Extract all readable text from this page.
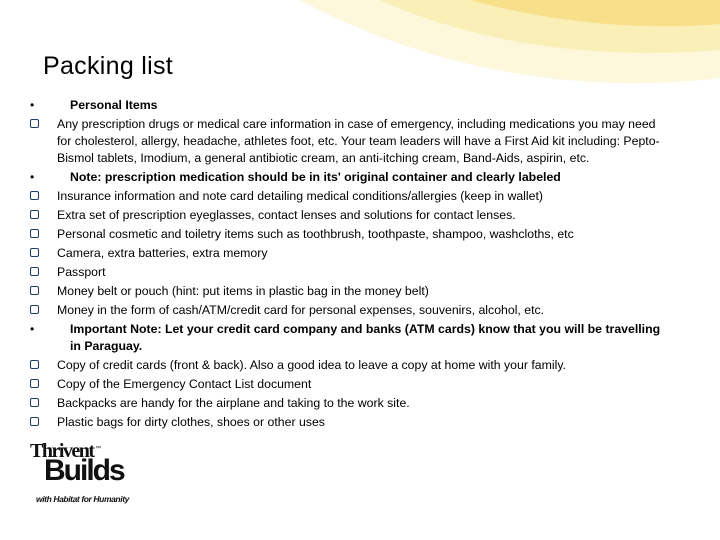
Packing list
•	Personal Items
Any prescription drugs or medical care information in case of emergency, including medications you may need for cholesterol, allergy, headache, athletes foot, etc. Your team leaders will have a First Aid kit including: Pepto-Bismol tablets, Imodium, a general antibiotic cream, an anti-itching cream, Band-Aids, aspirin, etc.
•	Note: prescription medication should be in its' original container and clearly labeled
Insurance information and note card detailing medical conditions/allergies (keep in wallet)
Extra set of prescription eyeglasses, contact lenses and solutions for contact lenses.
Personal cosmetic and toiletry items such as toothbrush, toothpaste, shampoo, washcloths, etc
Camera, extra batteries, extra memory
Passport
Money belt or pouch (hint: put items in plastic bag in the money belt)
Money in the form of cash/ATM/credit card for personal expenses, souvenirs, alcohol, etc.
•	Important Note: Let your credit card company and banks (ATM cards) know that you will be travelling in Paraguay.
Copy of credit cards (front & back). Also a good idea to leave a copy at home with your family.
Copy of the Emergency Contact List document
Backpacks are handy for the airplane and taking to the work site.
Plastic bags for dirty clothes, shoes or other uses
Thrivent ™
Builds
with Habitat for Humanity
